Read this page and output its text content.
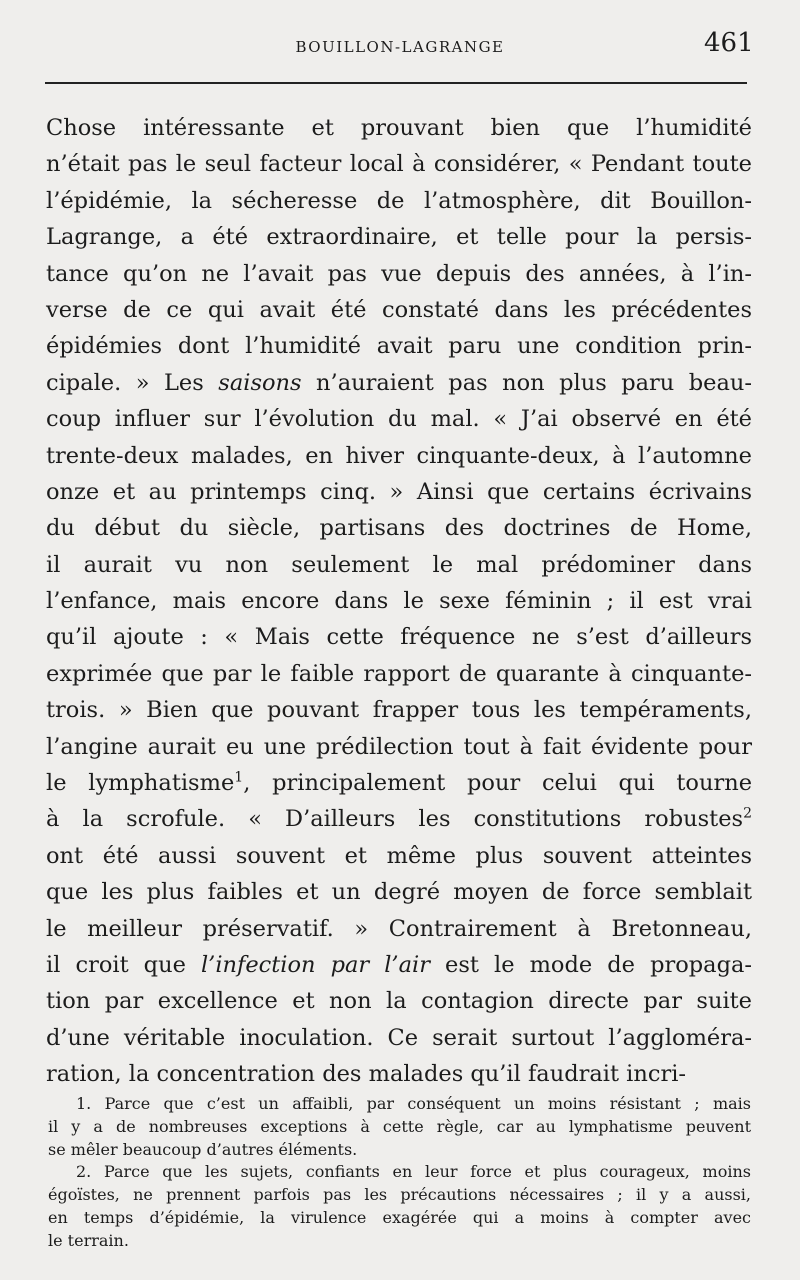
BOUILLON-LAGRANGE	461
Chose intéressante et prouvant bien que l’humidité
n’était pas le seul facteur local à considérer, « Pendant toute
l’épidémie, la sécheresse de l’atmosphère, dit Bouillon-
Lagrange, a été extraordinaire, et telle pour la persis-
tance qu’on ne l’avait pas vue depuis des années, à l’in-
verse de ce qui avait été constaté dans les précédentes
épidémies dont l’humidité avait paru une condition prin-
cipale. » Les saisons n’auraient pas non plus paru beau-
coup influer sur l’évolution du mal. « J’ai observé en été
trente-deux malades, en hiver cinquante-deux, à l’automne
onze et au printemps cinq. » Ainsi que certains écrivains
du début du siècle, partisans des doctrines de Home,
il aurait vu non seulement le mal prédominer dans
l’enfance, mais encore dans le sexe féminin ; il est vrai
qu’il ajoute : « Mais cette fréquence ne s’est d’ailleurs
exprimée que par le faible rapport de quarante à cinquante-
trois. » Bien que pouvant frapper tous les tempéraments,
l’angine aurait eu une prédilection tout à fait évidente pour
le lymphatisme$^1$, principalement pour celui qui tourne
à la scrofule. « D’ailleurs les constitutions robustes$^2$
ont été aussi souvent et même plus souvent atteintes
que les plus faibles et un degré moyen de force semblait
le meilleur préservatif. » Contrairement à Bretonneau,
il croit que l’infection par l’air est le mode de propaga-
tion par excellence et non la contagion directe par suite
d’une véritable inoculation. Ce serait surtout l’aggloméra-
ration, la concentration des malades qu’il faudrait incri-
1. Parce que c’est un affaibli, par conséquent un moins résistant ; mais
il y a de nombreuses exceptions à cette règle, car au lymphatisme peuvent
se mêler beaucoup d’autres éléments.
2. Parce que les sujets, confiants en leur force et plus courageux, moins
égoïstes, ne prennent parfois pas les précautions nécessaires ; il y a aussi,
en temps d’épidémie, la virulence exagérée qui a moins à compter avec
le terrain.
